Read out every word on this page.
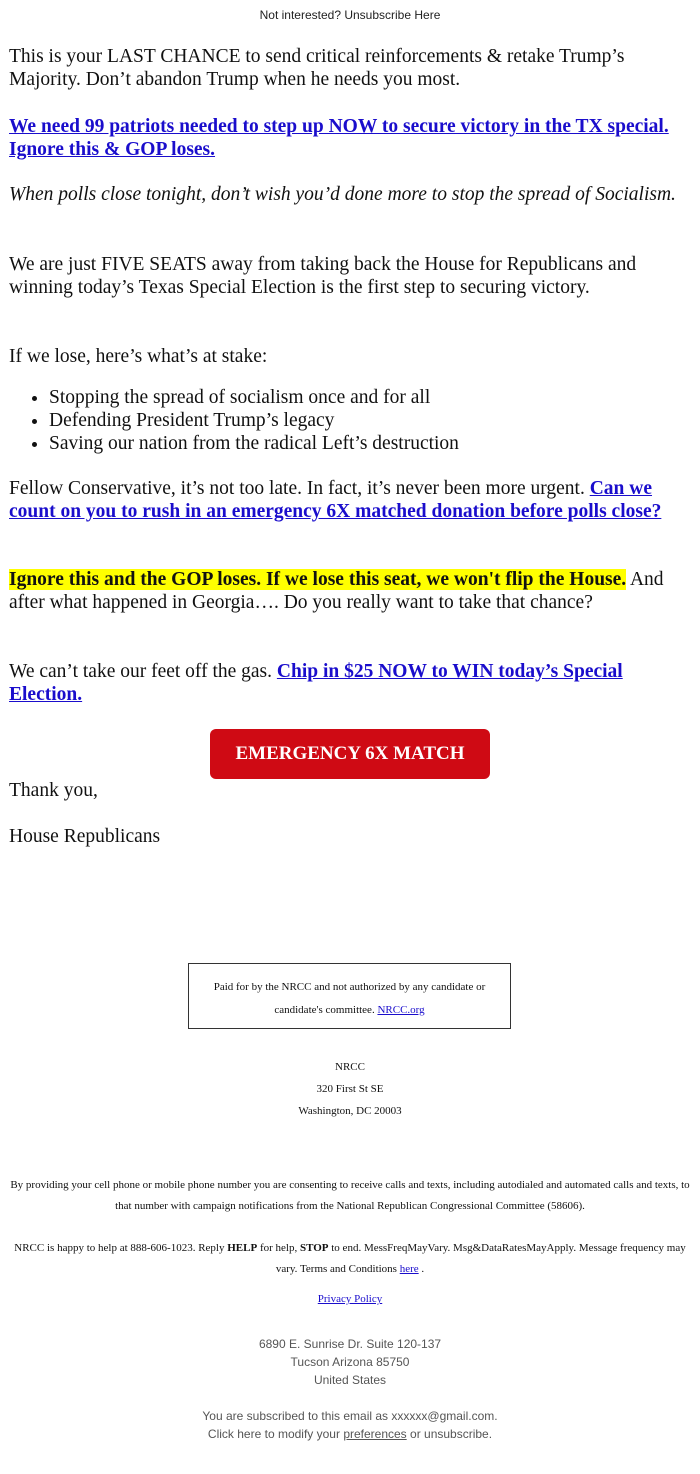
Not interested? Unsubscribe Here

This is your LAST CHANCE to send critical reinforcements & retake Trump’s Majority. Don’t abandon Trump when he needs you most.

We need 99 patriots needed to step up NOW to secure victory in the TX special. Ignore this & GOP loses.

When polls close tonight, don’t wish you’d done more to stop the spread of Socialism.

We are just FIVE SEATS away from taking back the House for Republicans and winning today’s Texas Special Election is the first step to securing victory.

If we lose, here’s what’s at stake:

• Stopping the spread of socialism once and for all
• Defending President Trump’s legacy
• Saving our nation from the radical Left’s destruction

Fellow Conservative, it’s not too late. In fact, it’s never been more urgent. Can we count on you to rush in an emergency 6X matched donation before polls close?

Ignore this and the GOP loses. If we lose this seat, we won't flip the House. And after what happened in Georgia…. Do you really want to take that chance?

We can’t take our feet off the gas. Chip in $25 NOW to WIN today’s Special Election.

EMERGENCY 6X MATCH

Thank you,

House Republicans

Paid for by the NRCC and not authorized by any candidate or
candidate's committee. NRCC.org
NRCC
320 First St SE
Washington, DC 20003
By providing your cell phone or mobile phone number you are consenting to receive calls and texts, including autodialed and automated calls and texts, to that number with campaign notifications from the National Republican Congressional Committee (58606).
NRCC is happy to help at 888-606-1023. Reply HELP for help, STOP to end. MessFreqMayVary. Msg&DataRatesMayApply. Message frequency may vary. Terms and Conditions here .
Privacy Policy
6890 E. Sunrise Dr. Suite 120-137
Tucson Arizona 85750
United States
You are subscribed to this email as xxxxxx@gmail.com.
Click here to modify your preferences or unsubscribe.
